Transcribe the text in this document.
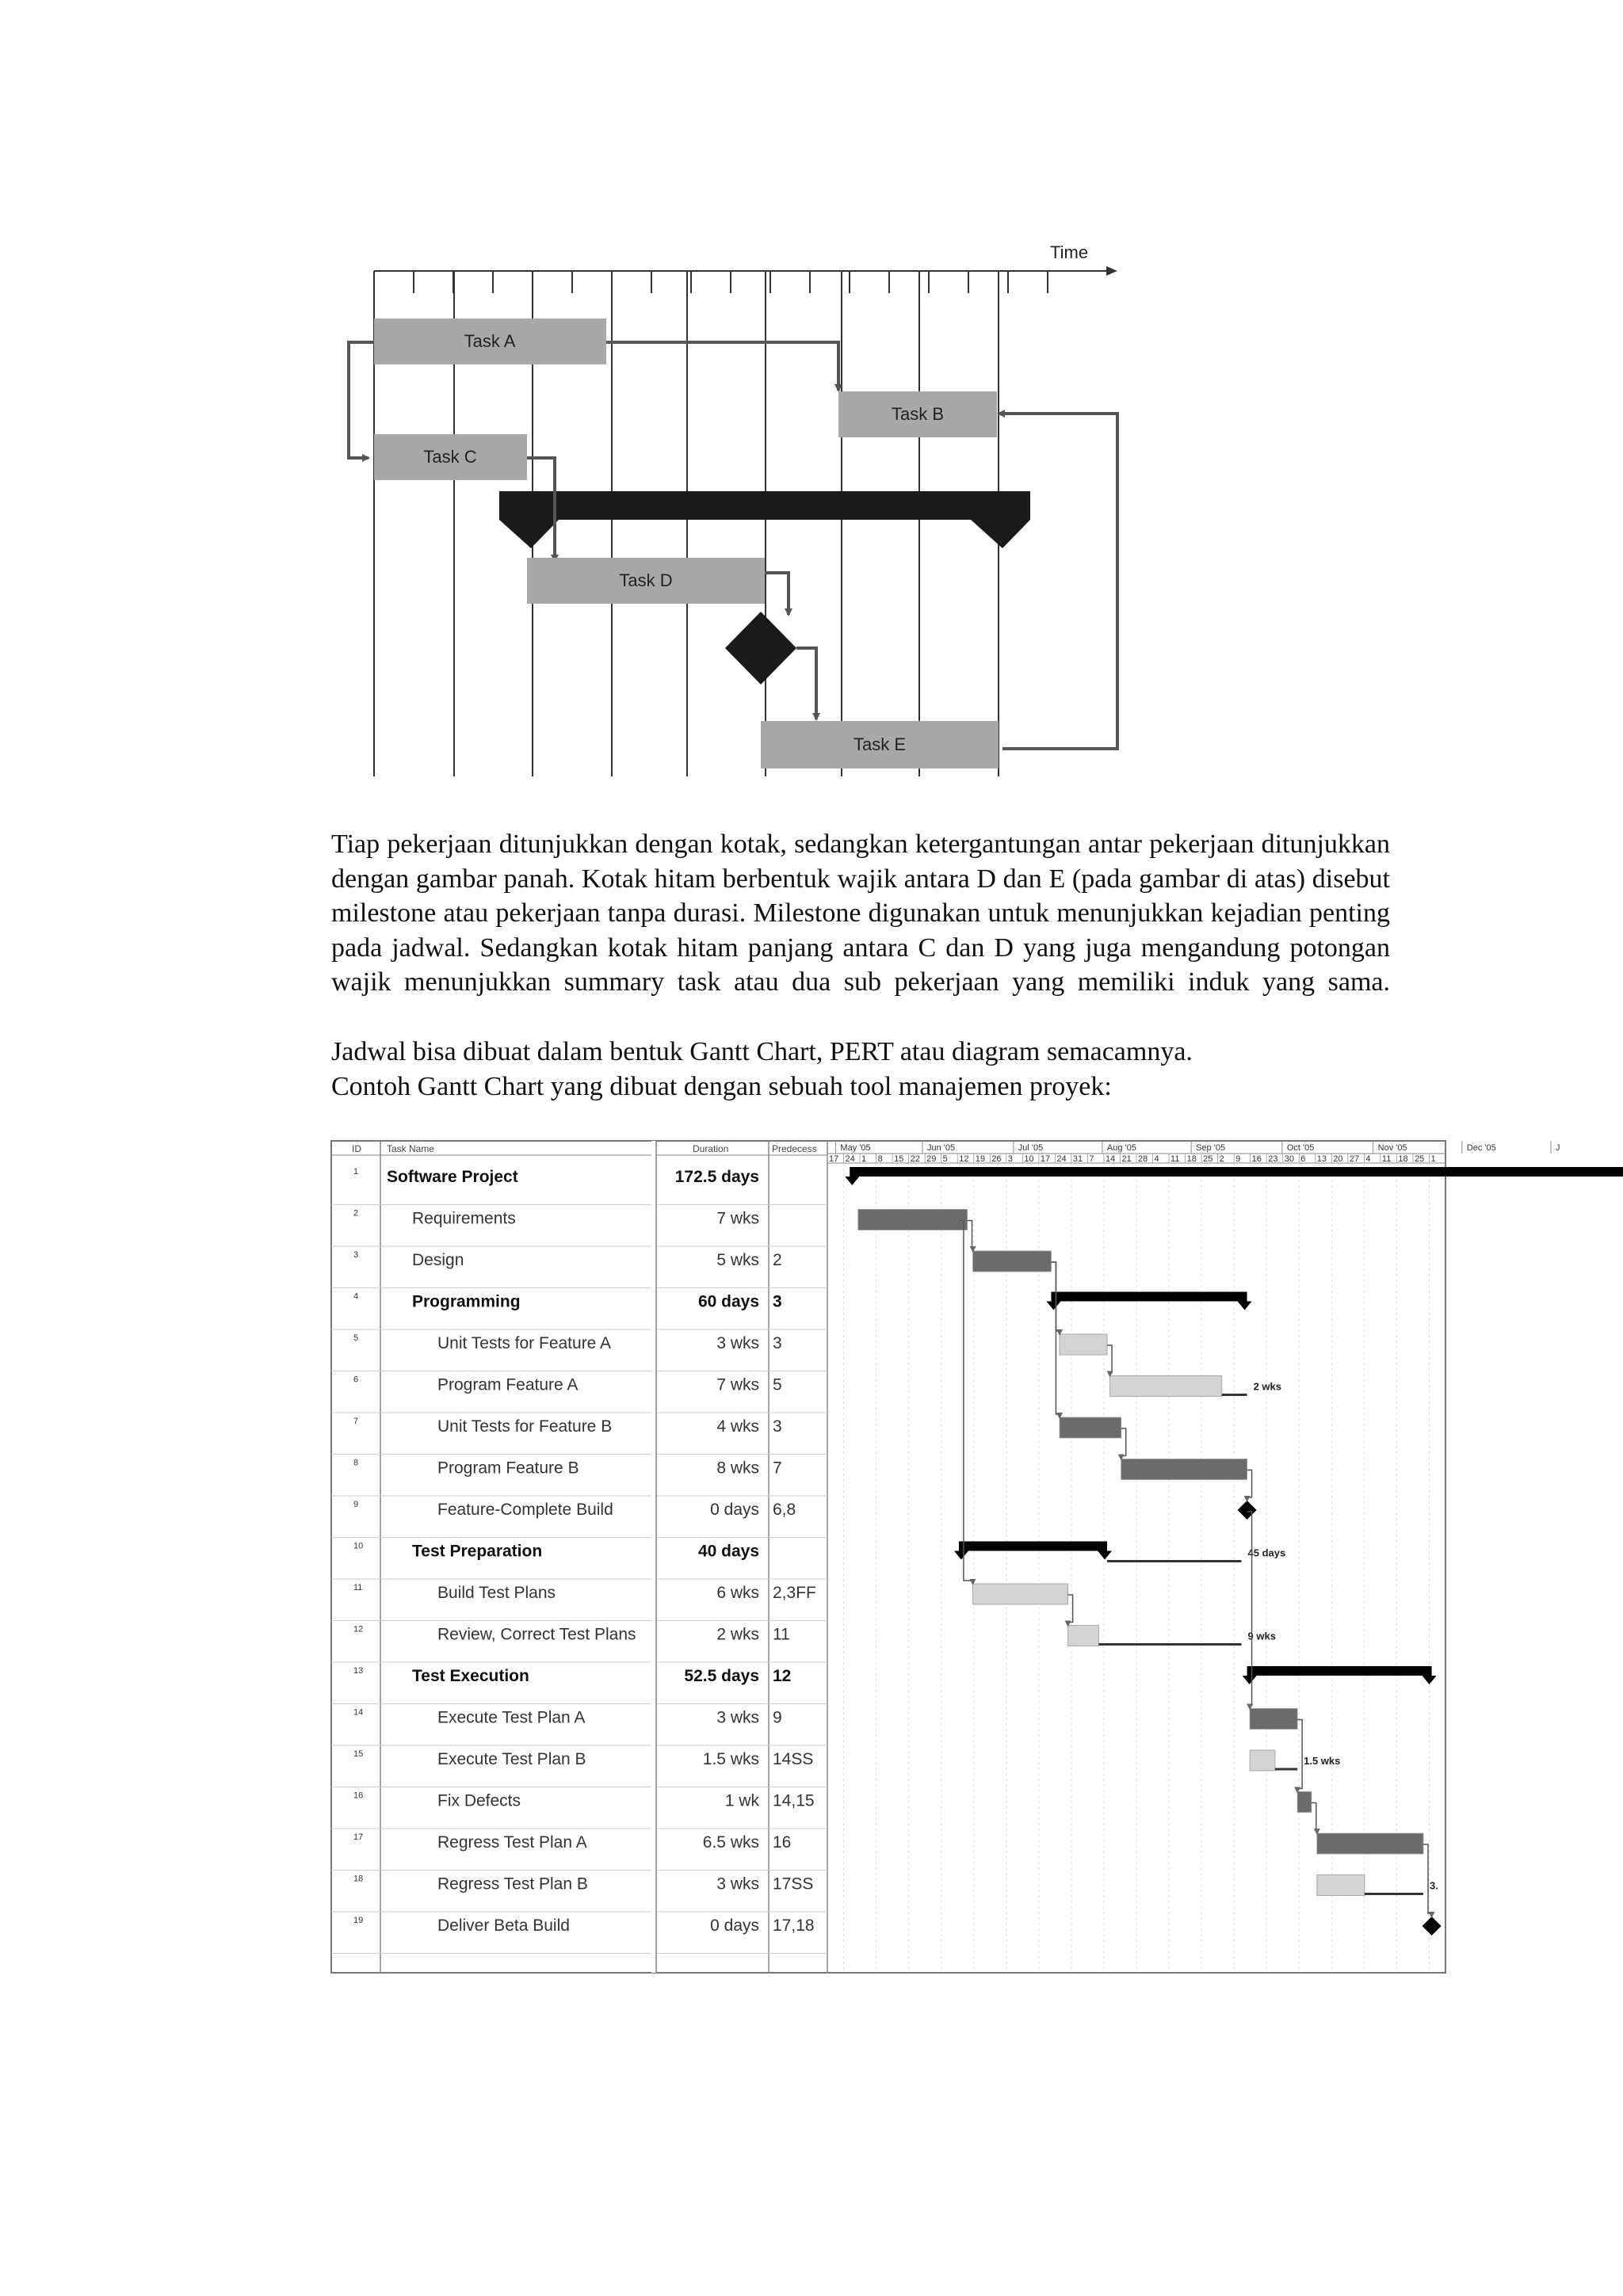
Time
Task A
Task B
Task C
Task D
Task E
Tiap pekerjaan ditunjukkan dengan kotak, sedangkan ketergantungan antar pekerjaan ditunjukkan dengan gambar panah. Kotak hitam berbentuk wajik antara D dan E (pada gambar di atas) disebut milestone atau pekerjaan tanpa durasi. Milestone digunakan untuk menunjukkan kejadian penting pada jadwal. Sedangkan kotak hitam panjang antara C dan D yang juga mengandung potongan wajik menunjukkan summary task atau dua sub pekerjaan yang memiliki induk yang sama.
Jadwal bisa dibuat dalam bentuk Gantt Chart, PERT atau diagram semacamnya.
Contoh Gantt Chart yang dibuat dengan sebuah tool manajemen proyek:
ID	Task Name	Duration	Predecess
1 Software Project	172.5 days
2	Requirements	7 wks
3	Design	5 wks 2
4	Programming	60 days 3
5	Unit Tests for Feature A	3 wks 3
6	Program Feature A	7 wks 5
7	Unit Tests for Feature B	4 wks 3
8	Program Feature B	8 wks 7
9	Feature-Complete Build	0 days 6,8
10	Test Preparation	40 days
11	Build Test Plans	6 wks 2,3FF
12	Review, Correct Test Plans	2 wks 11
13	Test Execution	52.5 days 12
14	Execute Test Plan A	3 wks 9
15	Execute Test Plan B	1.5 wks 14SS
16	Fix Defects	1 wk 14,15
17	Regress Test Plan A	6.5 wks 16
18	Regress Test Plan B	3 wks 17SS
19	Deliver Beta Build	0 days 17,18
May '05	Jun '05	Jul '05	Aug '05	Sep '05	Oct '05	Nov '05	Dec '05	J
17 24 1 8 15 22 29 5 12 19 26 3 10 17 24 31 7 14 21 28 4 11 18 25 2 9 16 23 30 6 13 20 27 4 11 18 25 1
2 wks
45 days
9 wks
1.5 wks
3.
